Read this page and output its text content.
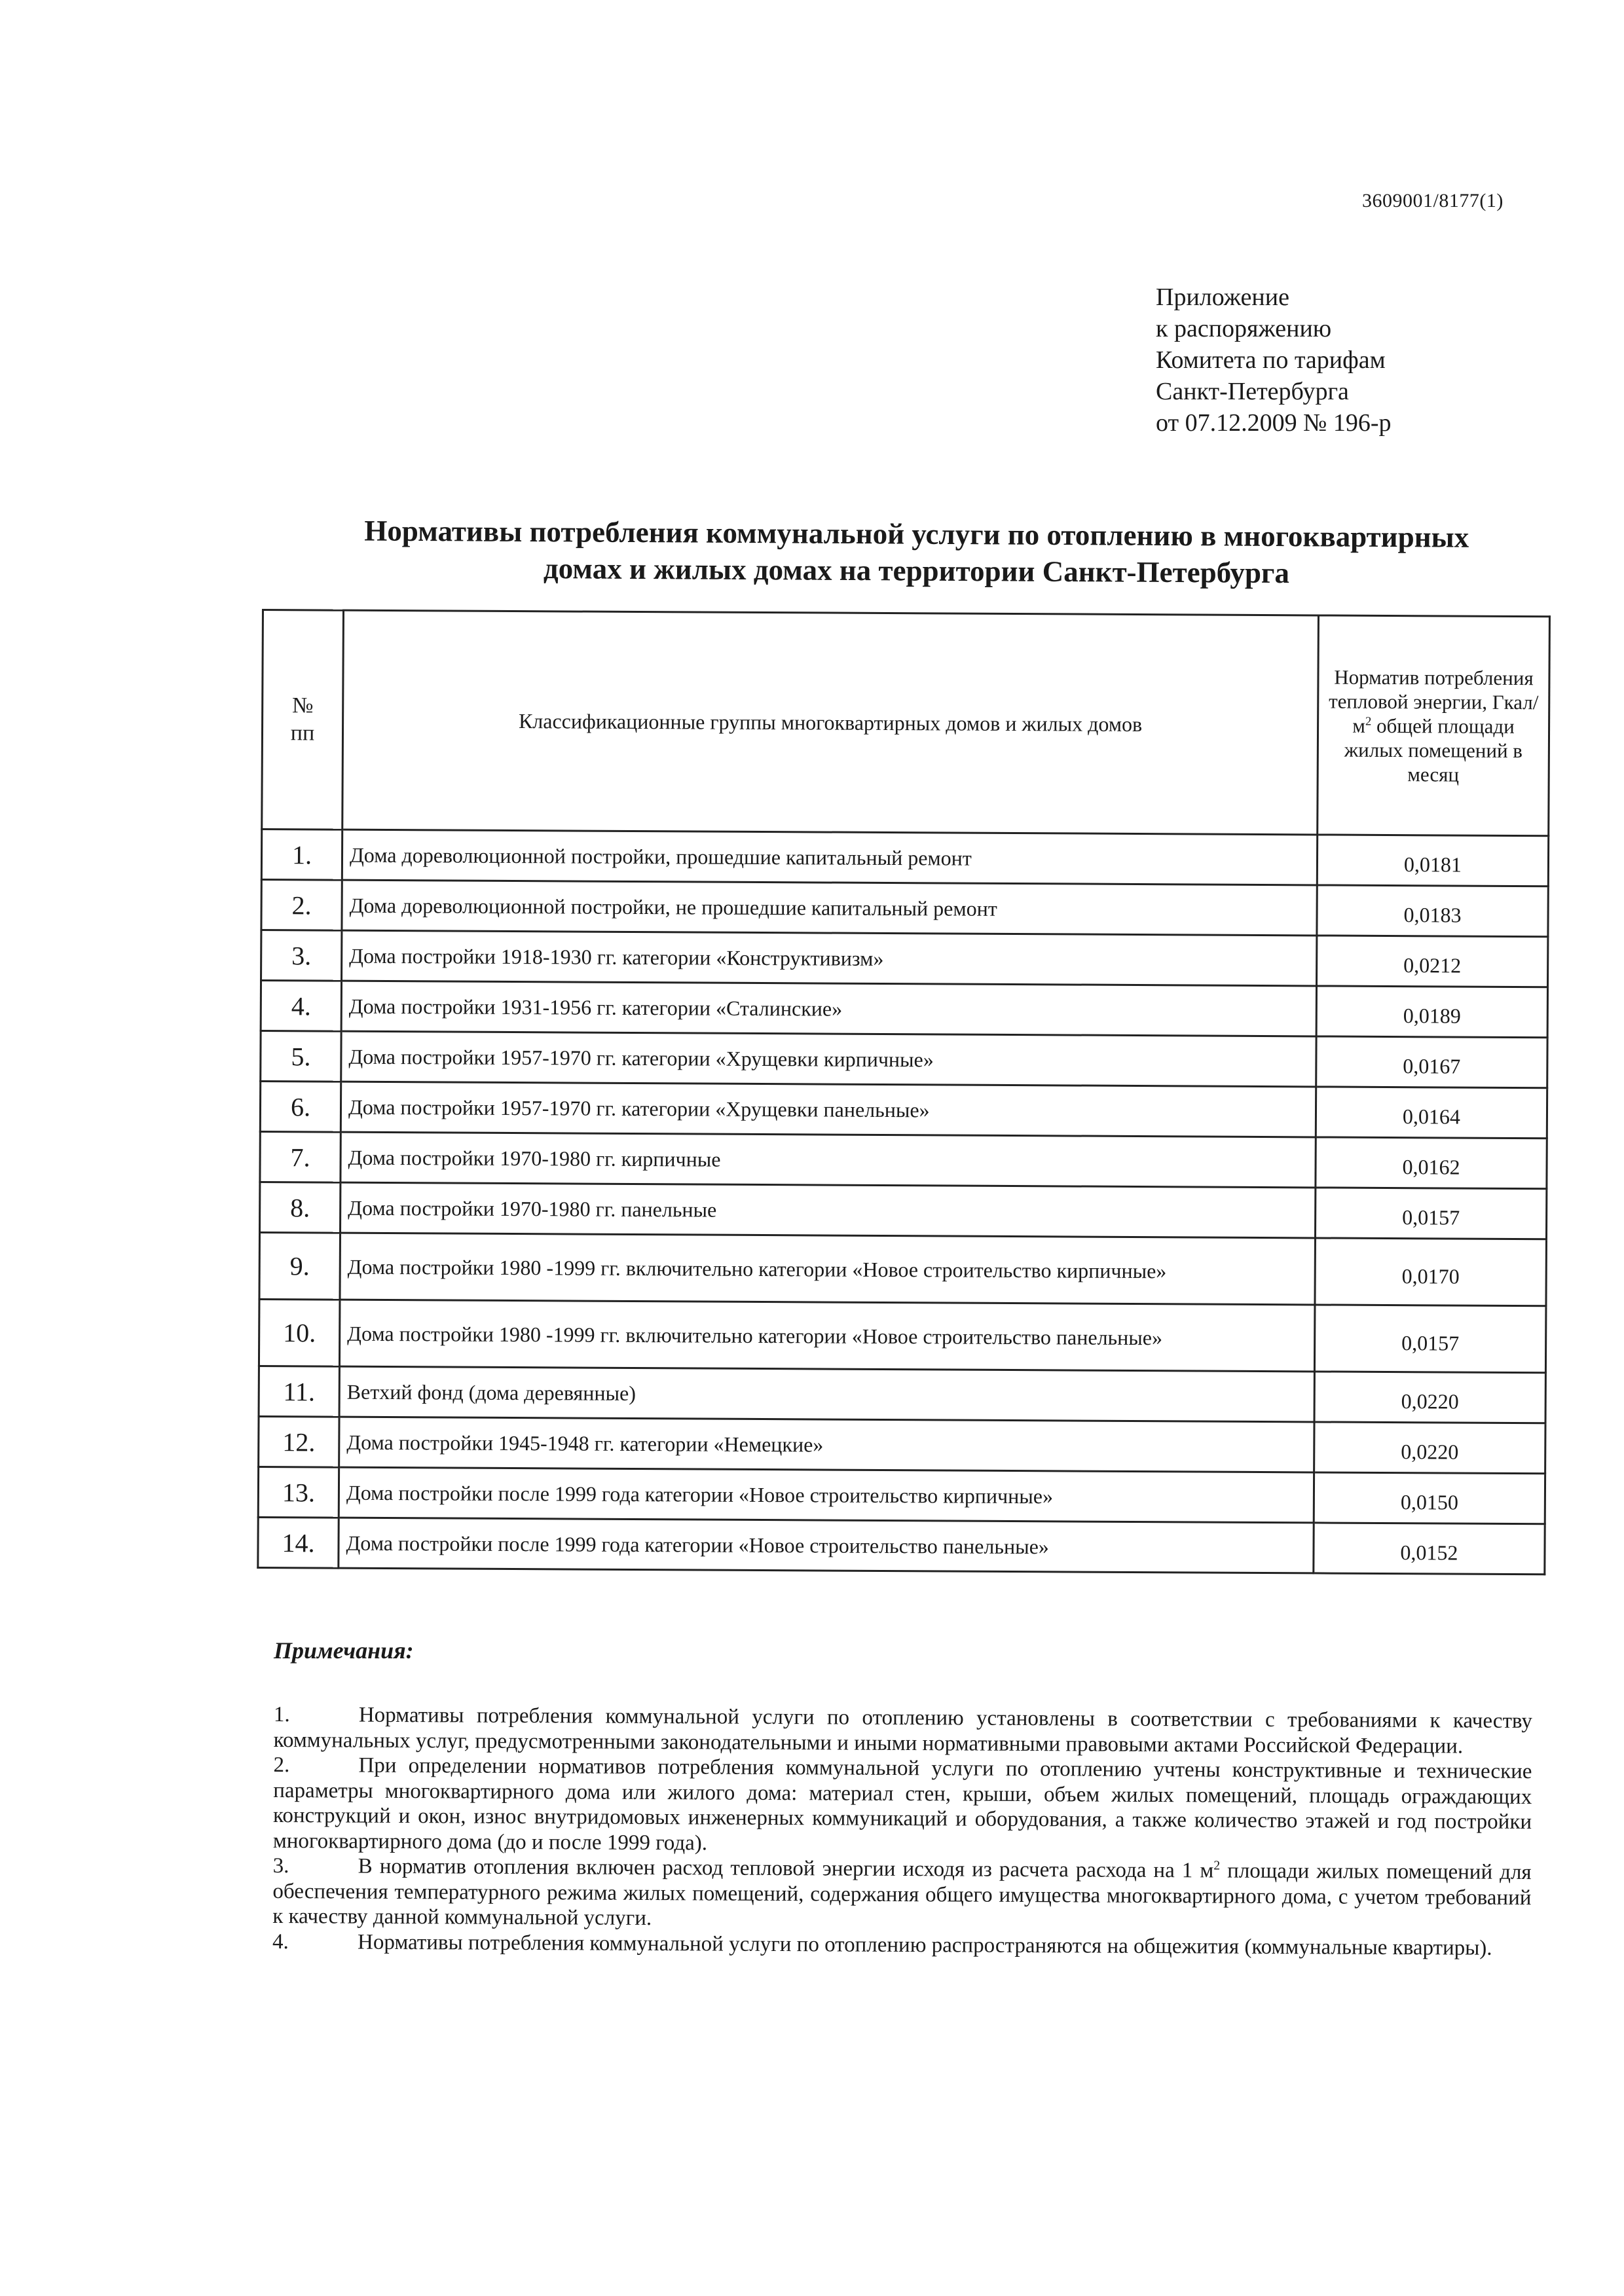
3609001/8177(1)
Приложение
к распоряжению
Комитета по тарифам
Санкт-Петербурга
от 07.12.2009 № 196-р
Нормативы потребления коммунальной услуги по отоплению в многоквартирных
домах и жилых домах на территории Санкт-Петербурга
№
пп	Классификационные группы многоквартирных домов и жилых домов	Норматив потребления тепловой энергии, Гкал/$м^2$ общей площади жилых помещений в месяц
1.	Дома дореволюционной постройки, прошедшие капитальный ремонт	0,0181
2.	Дома дореволюционной постройки, не прошедшие капитальный ремонт	0,0183
3.	Дома постройки 1918-1930 гг. категории «Конструктивизм»	0,0212
4.	Дома постройки 1931-1956 гг. категории «Сталинские»	0,0189
5.	Дома постройки 1957-1970 гг. категории «Хрущевки кирпичные»	0,0167
6.	Дома постройки 1957-1970 гг. категории «Хрущевки панельные»	0,0164
7.	Дома постройки 1970-1980 гг. кирпичные	0,0162
8.	Дома постройки 1970-1980 гг. панельные	0,0157
9.	Дома постройки 1980 -1999 гг. включительно категории «Новое строительство кирпичные»	0,0170
10.	Дома постройки 1980 -1999 гг. включительно категории «Новое строительство панельные»	0,0157
11.	Ветхий фонд (дома деревянные)	0,0220
12.	Дома постройки 1945-1948 гг. категории «Немецкие»	0,0220
13.	Дома постройки после 1999 года категории «Новое строительство кирпичные»	0,0150
14.	Дома постройки после 1999 года категории «Новое строительство панельные»	0,0152
Примечания:
1.	Нормативы потребления коммунальной услуги по отоплению установлены в соответствии с требованиями к качеству коммунальных услуг, предусмотренными законодательными и иными нормативными правовыми актами Российской Федерации.
2.	При определении нормативов потребления коммунальной услуги по отоплению учтены конструктивные и технические параметры многоквартирного дома или жилого дома: материал стен, крыши, объем жилых помещений, площадь ограждающих конструкций и окон, износ внутридомовых инженерных коммуникаций и оборудования, а также количество этажей и год постройки многоквартирного дома (до и после 1999 года).
3.	В норматив отопления включен расход тепловой энергии исходя из расчета расхода на 1 $м^2$ площади жилых помещений для обеспечения температурного режима жилых помещений, содержания общего имущества многоквартирного дома, с учетом требований к качеству данной коммунальной услуги.
4.	Нормативы потребления коммунальной услуги по отоплению распространяются на общежития (коммунальные квартиры).
